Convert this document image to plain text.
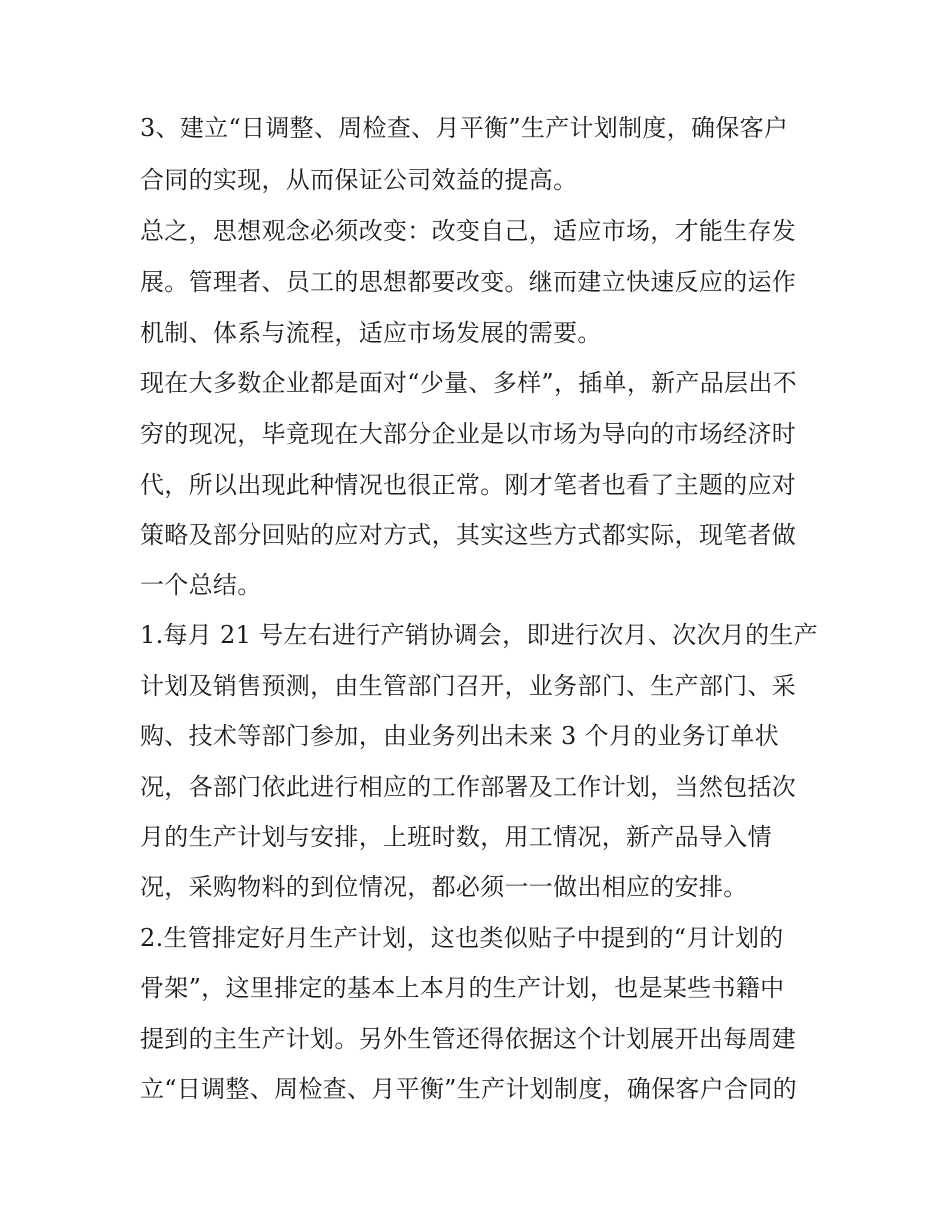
3、建立“日调整、周检查、月平衡”生产计划制度，确保客户
合同的实现，从而保证公司效益的提高。
总之，思想观念必须改变：改变自己，适应市场，才能生存发
展。管理者、员工的思想都要改变。继而建立快速反应的运作
机制、体系与流程，适应市场发展的需要。
现在大多数企业都是面对“少量、多样”，插单，新产品层出不
穷的现况，毕竟现在大部分企业是以市场为导向的市场经济时
代，所以出现此种情况也很正常。刚才笔者也看了主题的应对
策略及部分回贴的应对方式，其实这些方式都实际，现笔者做
一个总结。
1.每月 21 号左右进行产销协调会，即进行次月、次次月的生产
计划及销售预测，由生管部门召开，业务部门、生产部门、采
购、技术等部门参加，由业务列出未来 3 个月的业务订单状
况，各部门依此进行相应的工作部署及工作计划，当然包括次
月的生产计划与安排，上班时数，用工情况，新产品导入情
况，采购物料的到位情况，都必须一一做出相应的安排。
2.生管排定好月生产计划，这也类似贴子中提到的“月计划的
骨架”，这里排定的基本上本月的生产计划，也是某些书籍中
提到的主生产计划。另外生管还得依据这个计划展开出每周建
立“日调整、周检查、月平衡”生产计划制度，确保客户合同的
